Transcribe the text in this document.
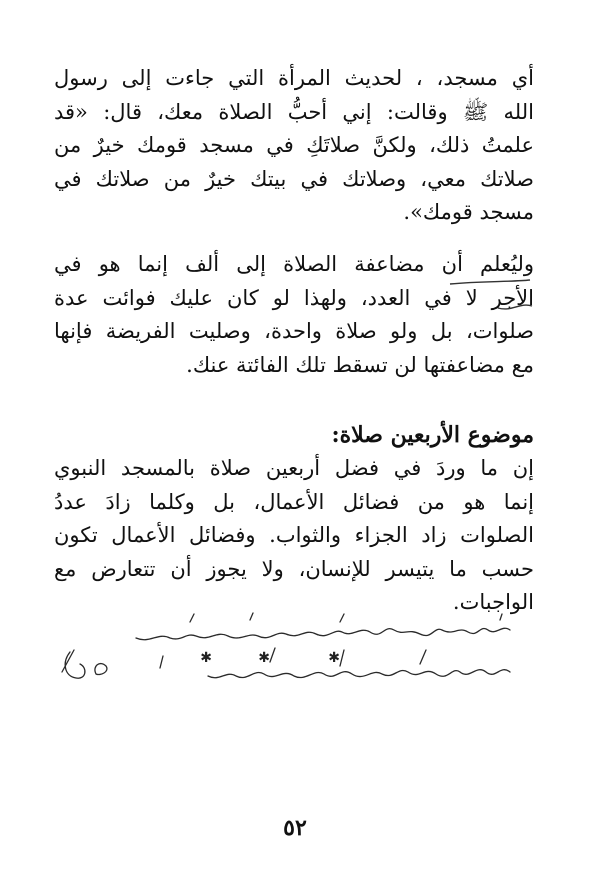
أي مسجد، ، لحديث المرأة التي جاءت إلى رسول
الله ﷺ وقالت: إني أحبُّ الصلاة معك، قال: «قد
علمتُ ذلك، ولكنَّ صلاتَكِ في مسجد قومك خيرٌ من
صلاتك معي، وصلاتك في بيتك خيرٌ من صلاتك في
مسجد قومك».
وليُعلم أن مضاعفة الصلاة إلى ألف إنما هو في
الأجر لا في العدد، ولهذا لو كان عليك فوائت عدة
صلوات، بل ولو صلاة واحدة، وصليت الفريضة فإنها
مع مضاعفتها لن تسقط تلك الفائتة عنك.
موضوع الأربعين صلاة:
إن ما وردَ في فضل أربعين صلاة بالمسجد النبوي
إنما هو من فضائل الأعمال، بل وكلما زادَ عددُ
الصلوات زاد الجزاء والثواب. وفضائل الأعمال تكون
حسب ما يتيسر للإنسان، ولا يجوز أن تتعارض مع
الواجبات.
✱
✱
✱
٥٢
